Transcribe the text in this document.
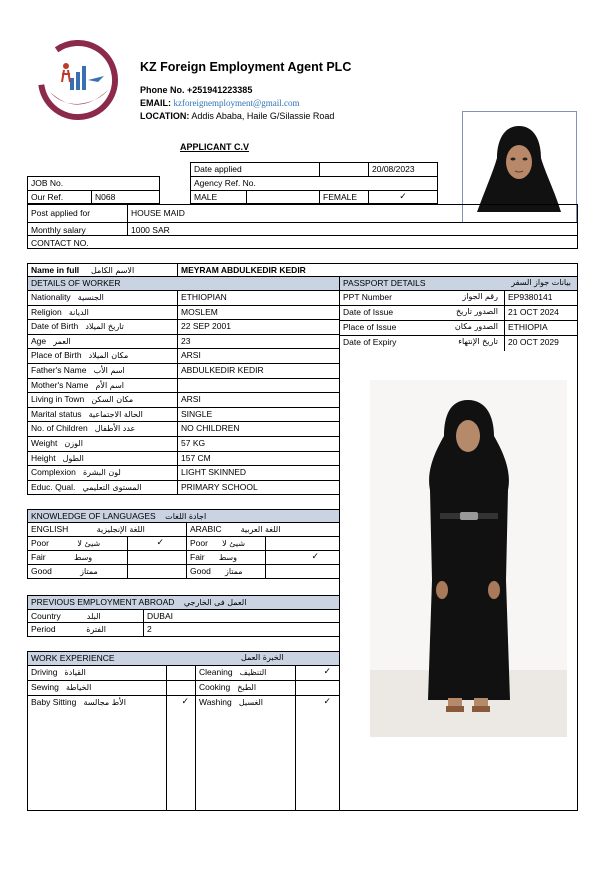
KZ Foreign Employment Agent PLC
Phone No. +251941223385
EMAIL: kzforeignemployment@gmail.com
LOCATION: Addis Ababa, Haile G/Silassie Road
APPLICANT C.V
Date applied	20/08/2023
JOB No.	Agency Ref. No.
Our Ref.	N068	MALE	FEMALE	✓
Post applied for	HOUSE MAID
Monthly salary	1000 SAR
CONTACT NO.
Name in full الاسم الكامل	MEYRAM ABDULKEDIR KEDIR
DETAILS OF WORKER
Nationality الجنسية	ETHIOPIAN
Religion الديانة	MOSLEM
Date of Birth تاريخ الميلاد	22 SEP 2001
Age العمر	23
Place of Birth مكان الميلاد	ARSI
Father's Name اسم الأب	ABDULKEDIR KEDIR
Mother's Name اسم الأم
Living in Town مكان السكن	ARSI
Marital status الحالة الاجتماعية	SINGLE
No. of Children عدد الأطفال	NO CHILDREN
Weight الوزن	57 KG
Height الطول	157 CM
Complexion لون البشرة	LIGHT SKINNED
Educ. Qual. المستوى التعليمي	PRIMARY SCHOOL
PASSPORT DETAILS	بيانات جواز السفر
PPT Number	رقم الجواز	EP9380141
Date of Issue	الصدور تاريخ	21 OCT 2024
Place of Issue	الصدور مكان	ETHIOPIA
Date of Expiry	تاريخ الإنتهاء	20 OCT 2029
KNOWLEDGE OF LANGUAGES اجادة اللغات
ENGLISH	اللغة الإنجليزية	ARABIC اللغة العربية
Poor	شيئ لا	✓	Poor شيئ لا
Fair	وسط	Fair وسط	✓
Good	ممتاز	Good ممتاز
PREVIOUS EMPLOYMENT ABROAD العمل فى الخارجي
Country	البلد	DUBAI
Period	الفترة	2
WORK EXPERIENCE	الخبرة العمل
Driving القيادة	Cleaning التنظيف	✓
Sewing الخياطة	Cooking الطبخ
Baby Sitting الأط مجالسة	✓	Washing الغسيل	✓
